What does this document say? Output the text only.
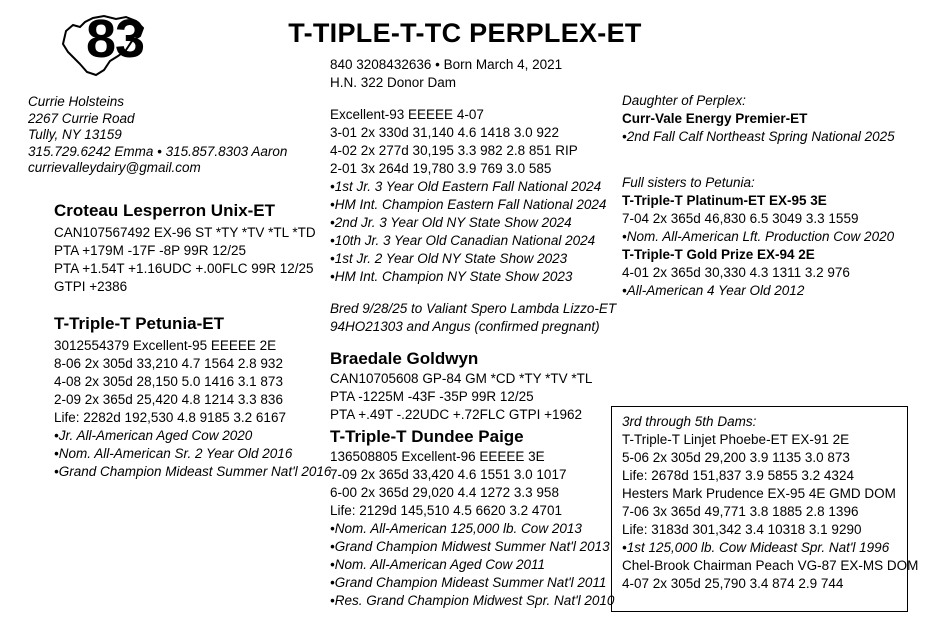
T-TIPLE-T-TC PERPLEX-ET
83
Currie Holsteins
2267 Currie Road
Tully, NY 13159
315.729.6242 Emma • 315.857.8303 Aaron
currievalleydairy@gmail.com
Croteau Lesperron Unix-ET
CAN107567492 EX-96 ST *TY *TV *TL *TD
PTA +179M -17F -8P 99R 12/25
PTA +1.54T +1.16UDC +.00FLC 99R 12/25
GTPI +2386
T-Triple-T Petunia-ET
3012554379 Excellent-95 EEEEE 2E
8-06 2x 305d 33,210 4.7 1564 2.8 932
4-08 2x 305d 28,150 5.0 1416 3.1 873
2-09 2x 365d 25,420 4.8 1214 3.3 836
Life: 2282d 192,530 4.8 9185 3.2 6167
•Jr. All-American Aged Cow 2020
•Nom. All-American Sr. 2 Year Old 2016
•Grand Champion Mideast Summer Nat'l 2016
840 3208432636 • Born March 4, 2021
H.N. 322 Donor Dam
Excellent-93 EEEEE 4-07
3-01 2x 330d 31,140 4.6 1418 3.0 922
4-02 2x 277d 30,195 3.3 982 2.8 851 RIP
2-01 3x 264d 19,780 3.9 769 3.0 585
•1st Jr. 3 Year Old Eastern Fall National 2024
•HM Int. Champion Eastern Fall National 2024
•2nd Jr. 3 Year Old NY State Show 2024
•10th Jr. 3 Year Old Canadian National 2024
•1st Jr. 2 Year Old NY State Show 2023
•HM Int. Champion NY State Show 2023
Bred 9/28/25 to Valiant Spero Lambda Lizzo-ET
94HO21303 and Angus (confirmed pregnant)
Braedale Goldwyn
CAN10705608 GP-84 GM *CD *TY *TV *TL
PTA -1225M -43F -35P 99R 12/25
PTA +.49T -.22UDC +.72FLC GTPI +1962
T-Triple-T Dundee Paige
136508805 Excellent-96 EEEEE 3E
7-09 2x 365d 33,420 4.6 1551 3.0 1017
6-00 2x 365d 29,020 4.4 1272 3.3 958
Life: 2129d 145,510 4.5 6620 3.2 4701
•Nom. All-American 125,000 lb. Cow 2013
•Grand Champion Midwest Summer Nat'l 2013
•Nom. All-American Aged Cow 2011
•Grand Champion Mideast Summer Nat'l 2011
•Res. Grand Champion Midwest Spr. Nat'l 2010
Daughter of Perplex:
Curr-Vale Energy Premier-ET
•2nd Fall Calf Northeast Spring National 2025
Full sisters to Petunia:
T-Triple-T Platinum-ET EX-95 3E
7-04 2x 365d 46,830 6.5 3049 3.3 1559
•Nom. All-American Lft. Production Cow 2020
T-Triple-T Gold Prize EX-94 2E
4-01 2x 365d 30,330 4.3 1311 3.2 976
•All-American 4 Year Old 2012
3rd through 5th Dams:
T-Triple-T Linjet Phoebe-ET EX-91 2E
5-06 2x 305d 29,200 3.9 1135 3.0 873
Life: 2678d 151,837 3.9 5855 3.2 4324
Hesters Mark Prudence EX-95 4E GMD DOM
7-06 3x 365d 49,771 3.8 1885 2.8 1396
Life: 3183d 301,342 3.4 10318 3.1 9290
•1st 125,000 lb. Cow Mideast Spr. Nat'l 1996
Chel-Brook Chairman Peach VG-87 EX-MS DOM
4-07 2x 305d 25,790 3.4 874 2.9 744
